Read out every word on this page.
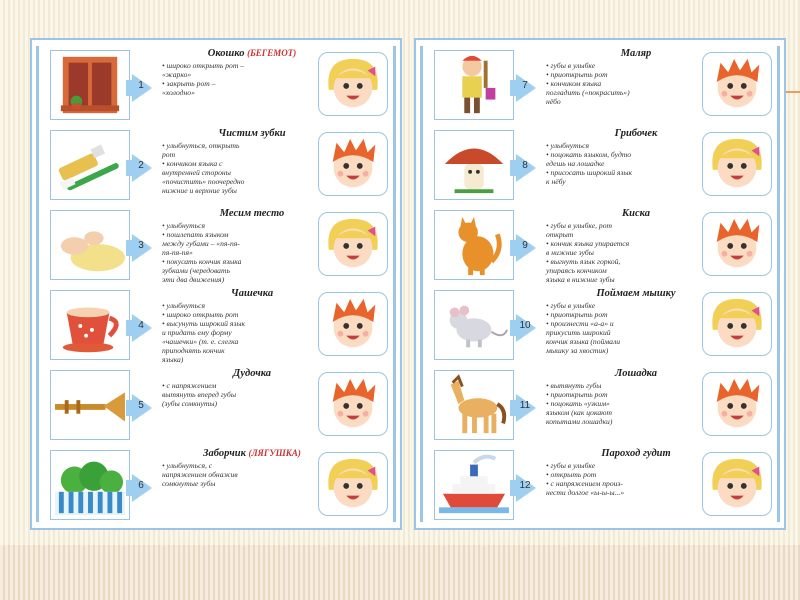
1
Окошко (БЕГЕМОТ)

• широко открыть рот –

«жарко»

• закрыть рот –

«холодно»

2
Чистим зубки

• улыбнуться, открыть

рот

• кончиком языка с

внутренней стороны

«почистить» поочередно

нижние и верхние зубы

3
Месим тесто

• улыбнуться

• пошлепать языком

между губами – «пя-пя-

пя-пя-пя»

• покусать кончик языка

зубками (чередовать

эти два движения)

4
Чашечка

• улыбнуться

• широко открыть рот

• высунуть широкий язык

и придать ему форму

«чашечки» (т. е. слегка

приподнять кончик

языка)

5
Дудочка

• с напряжением

вытянуть вперед губы

(зубы сомкнуты)

6
Заборчик (ЛЯГУШКА)

• улыбнуться, с

напряжением обнажив

сомкнутые зубы

7
Маляр

• губы в улыбке

• приоткрыть рот

• кончиком языка

погладить («покрасить»)

нёбо

8
Грибочек

• улыбнуться

• поцокать языком, будто

едешь на лошадке

• присосать широкий язык

к нёбу

9
Киска

• губы в улыбке, рот

открыт

• кончик языка упирается

в нижние зубы

• выгнуть язык горкой,

упираясь кончиком

языка в нижние зубы

10
Поймаем мышку

• губы в улыбке

• приоткрыть рот

• произнести «а-а» и

прикусить широкий

кончик языка (поймали

мышку за хвостик)

11
Лошадка

• вытянуть губы

• приоткрыть рот

• поцокать «узким»

языком (как цокают

копытами лошадки)

12
Пароход гудит

• губы в улыбке

• открыть рот

• с напряжением произ-

нести долгое «ы-ы-ы...»
